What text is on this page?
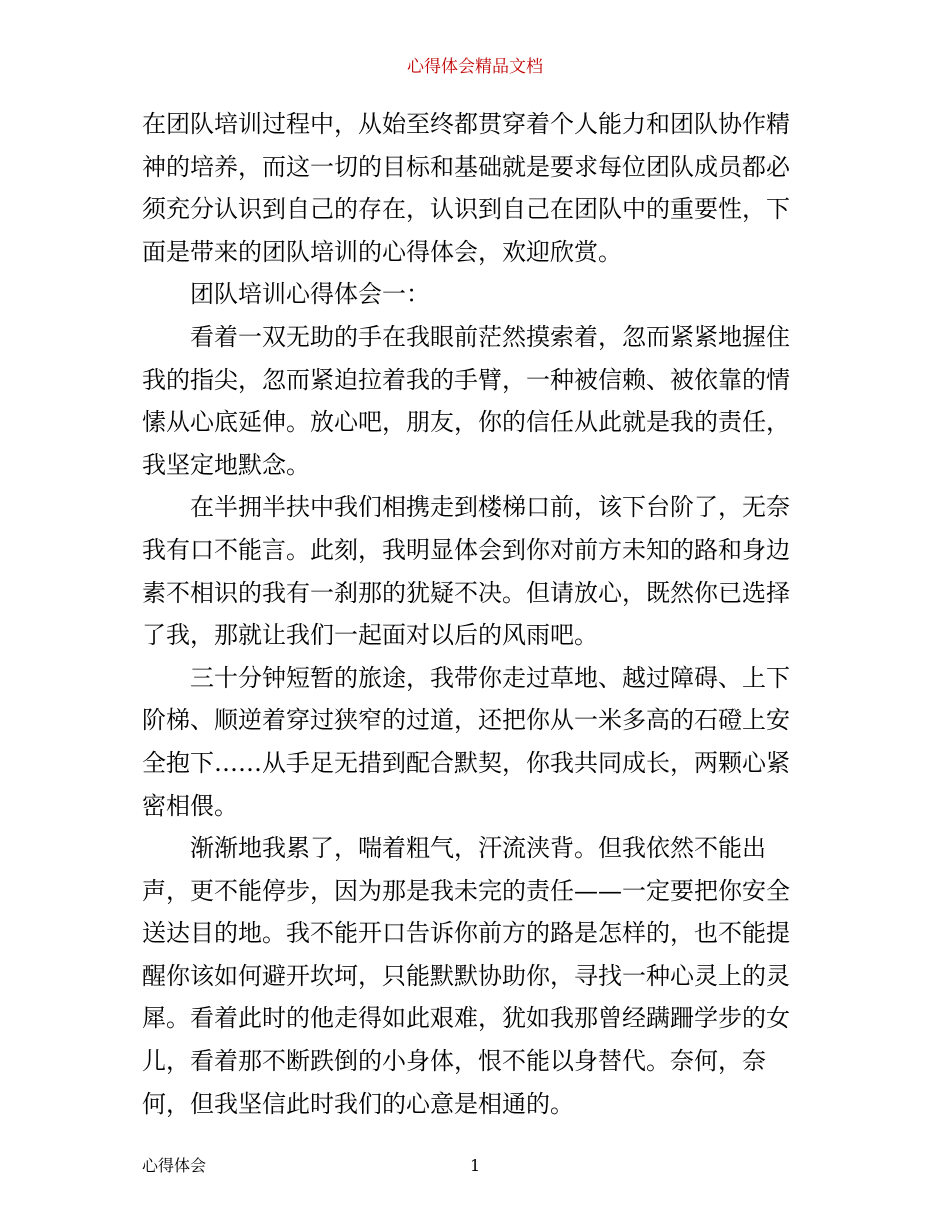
心得体会精品文档
在团队培训过程中，从始至终都贯穿着个人能力和团队协作精
神的培养，而这一切的目标和基础就是要求每位团队成员都必
须充分认识到自己的存在，认识到自己在团队中的重要性，下
面是带来的团队培训的心得体会，欢迎欣赏。
团队培训心得体会一：
看着一双无助的手在我眼前茫然摸索着，忽而紧紧地握住
我的指尖，忽而紧迫拉着我的手臂，一种被信赖、被依靠的情
愫从心底延伸。放心吧，朋友，你的信任从此就是我的责任，
我坚定地默念。
在半拥半扶中我们相携走到楼梯口前，该下台阶了，无奈
我有口不能言。此刻，我明显体会到你对前方未知的路和身边
素不相识的我有一刹那的犹疑不决。但请放心，既然你已选择
了我，那就让我们一起面对以后的风雨吧。
三十分钟短暂的旅途，我带你走过草地、越过障碍、上下
阶梯、顺逆着穿过狭窄的过道，还把你从一米多高的石磴上安
全抱下……从手足无措到配合默契，你我共同成长，两颗心紧
密相偎。
渐渐地我累了，喘着粗气，汗流浃背。但我依然不能出
声，更不能停步，因为那是我未完的责任——一定要把你安全
送达目的地。我不能开口告诉你前方的路是怎样的，也不能提
醒你该如何避开坎坷，只能默默协助你，寻找一种心灵上的灵
犀。看着此时的他走得如此艰难，犹如我那曾经蹒跚学步的女
儿，看着那不断跌倒的小身体，恨不能以身替代。奈何，奈
何，但我坚信此时我们的心意是相通的。
心得体会	1
